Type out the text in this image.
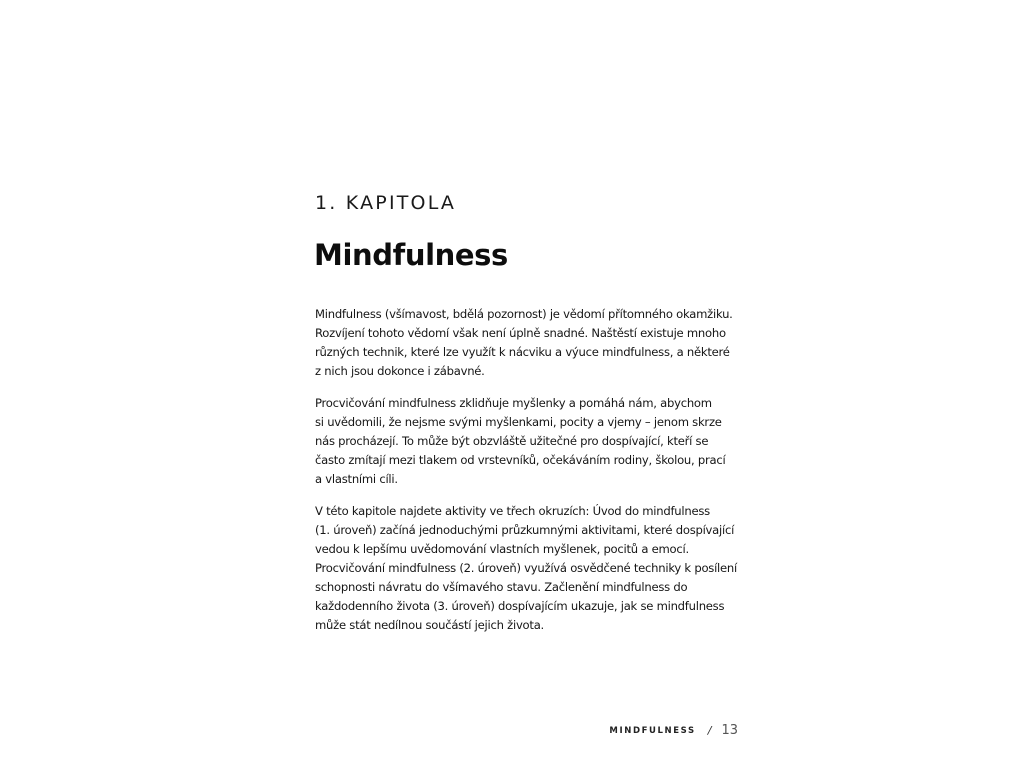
1. KAPITOLA
Mindfulness

Mindfulness (všímavost, bdělá pozornost) je vědomí přítomného okamžiku.
Rozvíjení tohoto vědomí však není úplně snadné. Naštěstí existuje mnoho
různých technik, které lze využít k nácviku a výuce mindfulness, a některé
z nich jsou dokonce i zábavné.

Procvičování mindfulness zklidňuje myšlenky a pomáhá nám, abychom
si uvědomili, že nejsme svými myšlenkami, pocity a vjemy – jenom skrze
nás procházejí. To může být obzvláště užitečné pro dospívající, kteří se
často zmítají mezi tlakem od vrstevníků, očekáváním rodiny, školou, prací
a vlastními cíli.

V této kapitole najdete aktivity ve třech okruzích: Úvod do mindfulness
(1. úroveň) začíná jednoduchými průzkumnými aktivitami, které dospívající
vedou k lepšímu uvědomování vlastních myšlenek, pocitů a emocí.
Procvičování mindfulness (2. úroveň) využívá osvědčené techniky k posílení
schopnosti návratu do všímavého stavu. Začlenění mindfulness do
každodenního života (3. úroveň) dospívajícím ukazuje, jak se mindfulness
může stát nedílnou součástí jejich života.

MINDFULNESS / 13
